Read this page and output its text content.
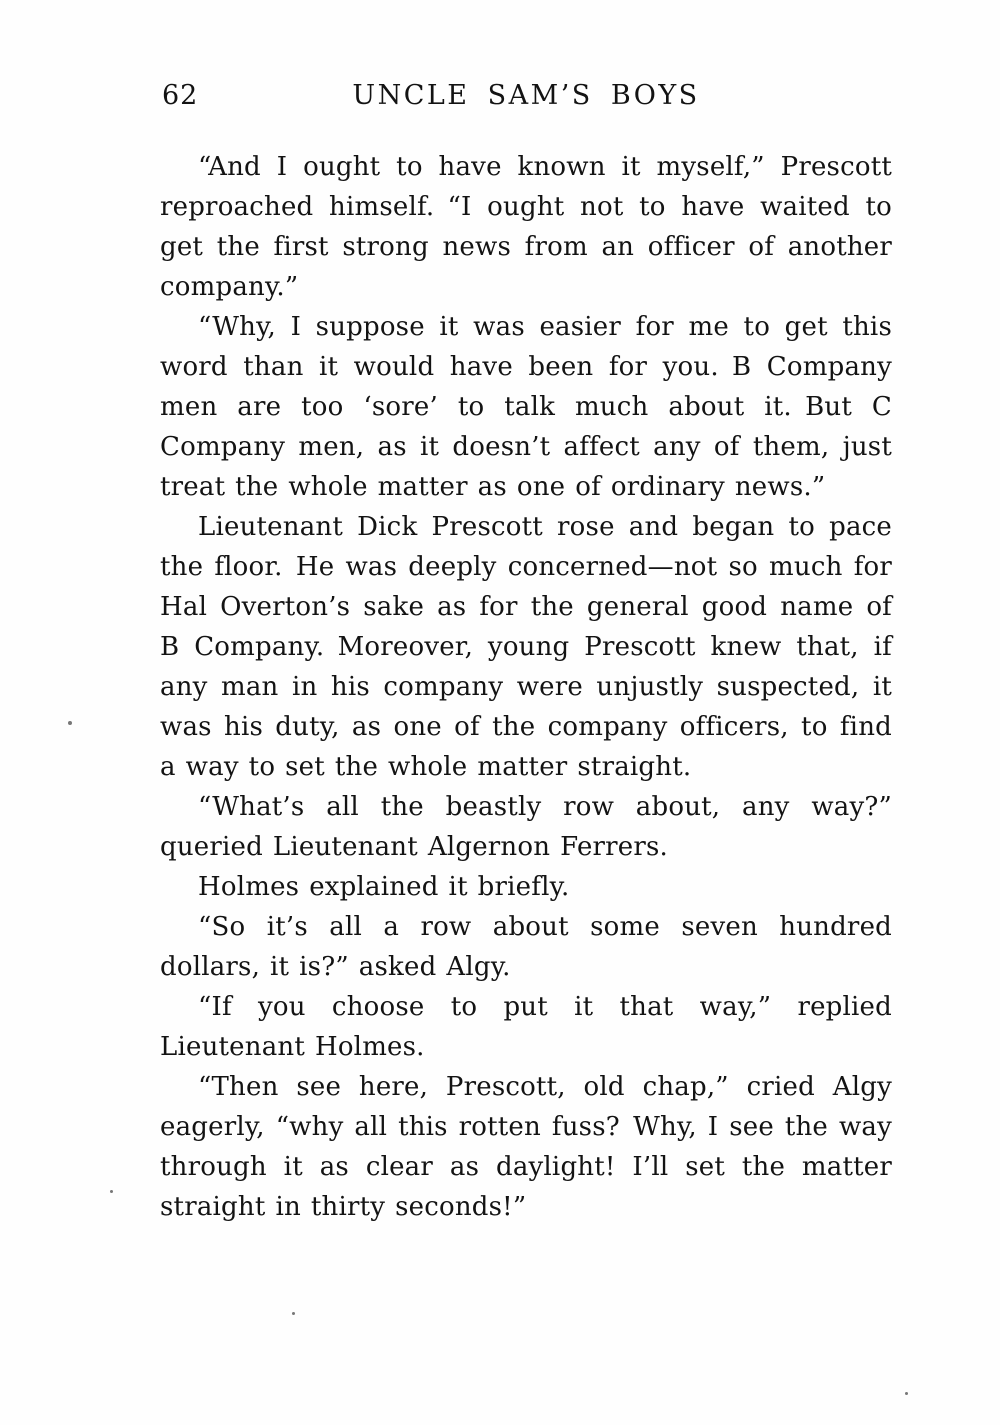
62	UNCLE SAM’S BOYS

“And I ought to have known it myself,” Prescott reproached himself. “I ought not to have waited to get the first strong news from an officer of another company.”

“Why, I suppose it was easier for me to get this word than it would have been for you. B Company men are too ‘sore’ to talk much about it. But C Company men, as it doesn’t affect any of them, just treat the whole matter as one of ordinary news.”

Lieutenant Dick Prescott rose and began to pace the floor. He was deeply concerned—not so much for Hal Overton’s sake as for the general good name of B Company. Moreover, young Prescott knew that, if any man in his company were unjustly suspected, it was his duty, as one of the company officers, to find a way to set the whole matter straight.

“What’s all the beastly row about, any way?” queried Lieutenant Algernon Ferrers.

Holmes explained it briefly.

“So it’s all a row about some seven hundred dollars, it is?” asked Algy.

“If you choose to put it that way,” replied Lieutenant Holmes.

“Then see here, Prescott, old chap,” cried Algy eagerly, “why all this rotten fuss? Why, I see the way through it as clear as daylight! I’ll set the matter straight in thirty seconds!”
